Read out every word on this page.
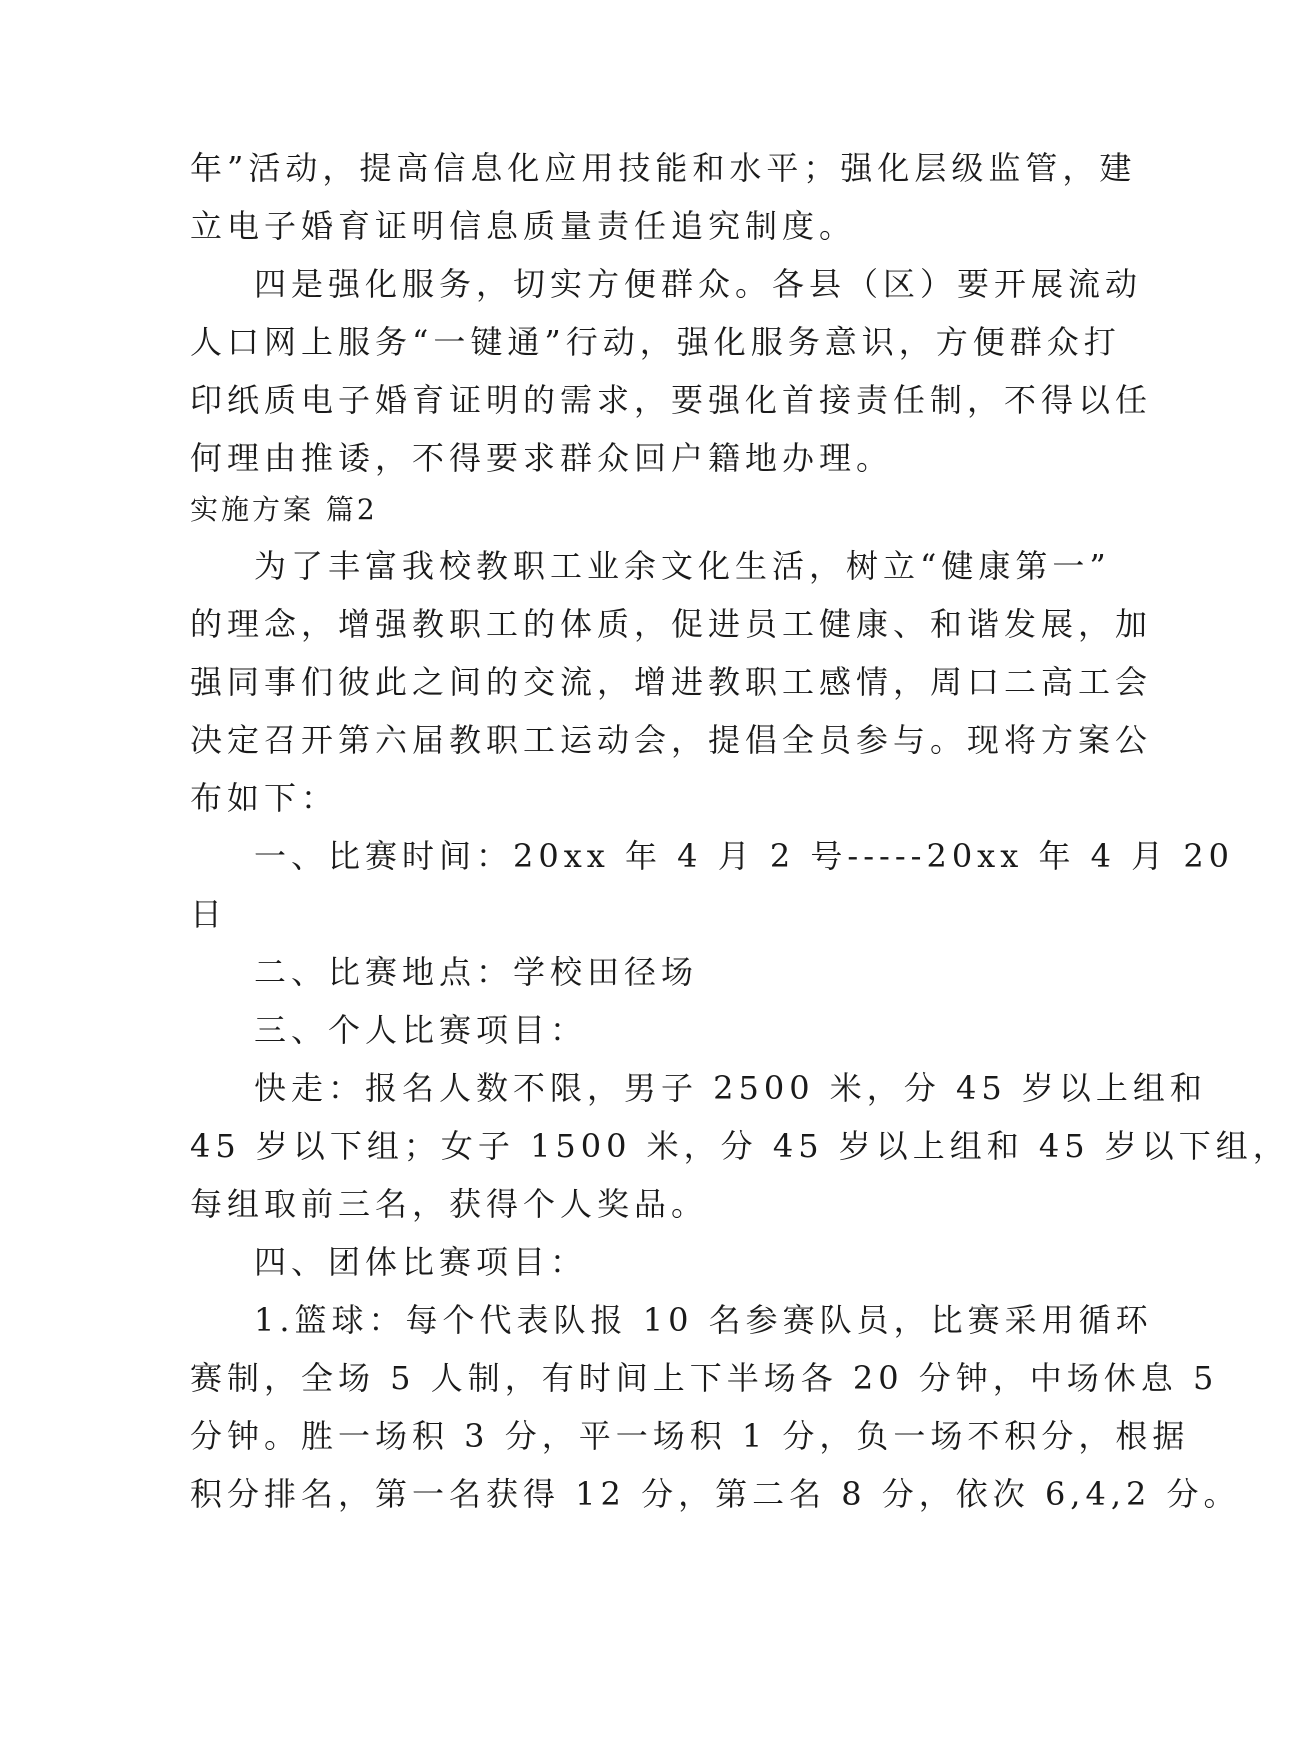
年”活动，提高信息化应用技能和水平；强化层级监管，建
立电子婚育证明信息质量责任追究制度。
四是强化服务，切实方便群众。各县（区）要开展流动
人口网上服务“一键通”行动，强化服务意识，方便群众打
印纸质电子婚育证明的需求，要强化首接责任制，不得以任
何理由推诿，不得要求群众回户籍地办理。
实施方案 篇2
为了丰富我校教职工业余文化生活，树立“健康第一”
的理念，增强教职工的体质，促进员工健康、和谐发展，加
强同事们彼此之间的交流，增进教职工感情，周口二高工会
决定召开第六届教职工运动会，提倡全员参与。现将方案公
布如下：
一、比赛时间：20xx 年 4 月 2 号-----20xx 年 4 月 20
日
二、比赛地点：学校田径场
三、个人比赛项目：
快走：报名人数不限，男子 2500 米，分 45 岁以上组和
45 岁以下组；女子 1500 米，分 45 岁以上组和 45 岁以下组，
每组取前三名，获得个人奖品。
四、团体比赛项目：
1.篮球：每个代表队报 10 名参赛队员，比赛采用循环
赛制，全场 5 人制，有时间上下半场各 20 分钟，中场休息 5
分钟。胜一场积 3 分，平一场积 1 分，负一场不积分，根据
积分排名，第一名获得 12 分，第二名 8 分，依次 6,4,2 分。
